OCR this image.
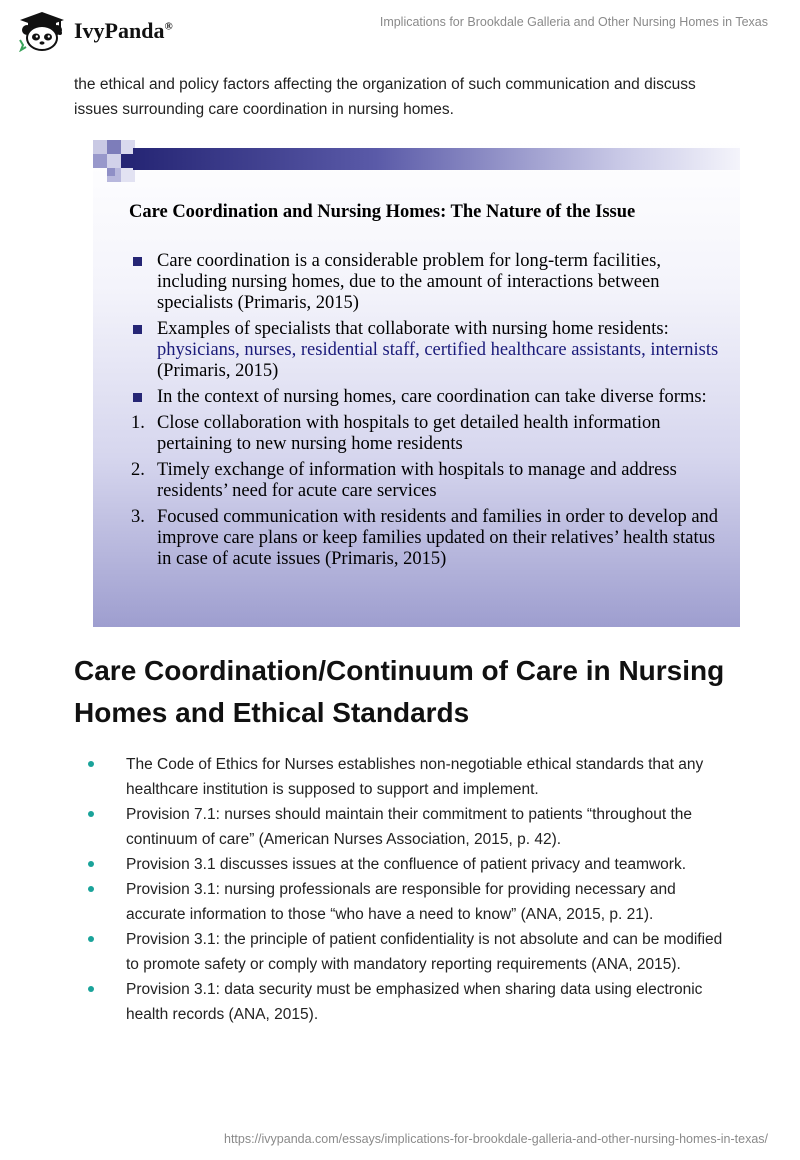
IvyPanda®	Implications for Brookdale Galleria and Other Nursing Homes in Texas

the ethical and policy factors affecting the organization of such communication and discuss issues surrounding care coordination in nursing homes.

Care Coordination and Nursing Homes: The Nature of the Issue
Care coordination is a considerable problem for long-term facilities, including nursing homes, due to the amount of interactions between specialists (Primaris, 2015)
Examples of specialists that collaborate with nursing home residents: physicians, nurses, residential staff, certified healthcare assistants, internists (Primaris, 2015)
In the context of nursing homes, care coordination can take diverse forms:
1. Close collaboration with hospitals to get detailed health information pertaining to new nursing home residents
2. Timely exchange of information with hospitals to manage and address residents’ need for acute care services
3. Focused communication with residents and families in order to develop and improve care plans or keep families updated on their relatives’ health status in case of acute issues (Primaris, 2015)
Care Coordination/Continuum of Care in Nursing Homes and Ethical Standards
The Code of Ethics for Nurses establishes non-negotiable ethical standards that any healthcare institution is supposed to support and implement.
Provision 7.1: nurses should maintain their commitment to patients “throughout the continuum of care” (American Nurses Association, 2015, p. 42).
Provision 3.1 discusses issues at the confluence of patient privacy and teamwork.
Provision 3.1: nursing professionals are responsible for providing necessary and accurate information to those “who have a need to know” (ANA, 2015, p. 21).
Provision 3.1: the principle of patient confidentiality is not absolute and can be modified to promote safety or comply with mandatory reporting requirements (ANA, 2015).
Provision 3.1: data security must be emphasized when sharing data using electronic health records (ANA, 2015).
https://ivypanda.com/essays/implications-for-brookdale-galleria-and-other-nursing-homes-in-texas/
